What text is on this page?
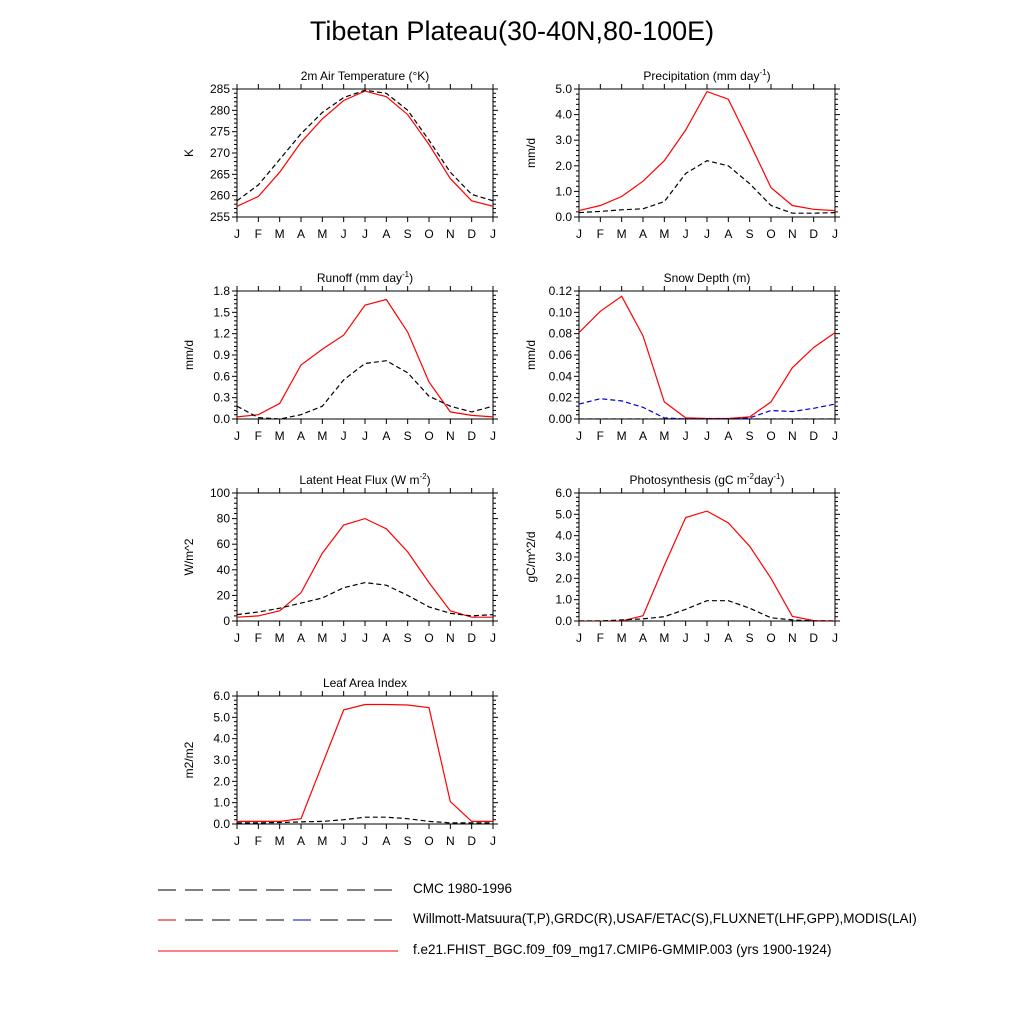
Tibetan Plateau(30-40N,80-100E)
2m Air Temperature (°K)
255
260
265
270
275
280
285
J F M A M J J A S O N D J
K
Precipitation (mm day$^{-1}$)
0.0
1.0
2.0
3.0
4.0
5.0
J F M A M J J A S O N D J
mm/d
Runoff (mm day$^{-1}$)
0.0
0.3
0.6
0.9
1.2
1.5
1.8
J F M A M J J A S O N D J
mm/d
Snow Depth (m)
0.00
0.02
0.04
0.06
0.08
0.10
0.12
J F M A M J J A S O N D J
mm/d
Latent Heat Flux (W $m^{-2}$)
0
20
40
60
80
100
J F M A M J J A S O N D J
W/m^2
Photosynthesis (gC $m^{-2}day^{-1}$)
0.0
1.0
2.0
3.0
4.0
5.0
6.0
J F M A M J J A S O N D J
gC/m^2/d
Leaf Area Index
0.0
1.0
2.0
3.0
4.0
5.0
6.0
J F M A M J J A S O N D J
m2/m2
CMC 1980-1996
Willmott-Matsuura(T,P),GRDC(R),USAF/ETAC(S),FLUXNET(LHF,GPP),MODIS(LAI)
f.e21.FHIST_BGC.f09_f09_mg17.CMIP6-GMMIP.003 (yrs 1900-1924)
